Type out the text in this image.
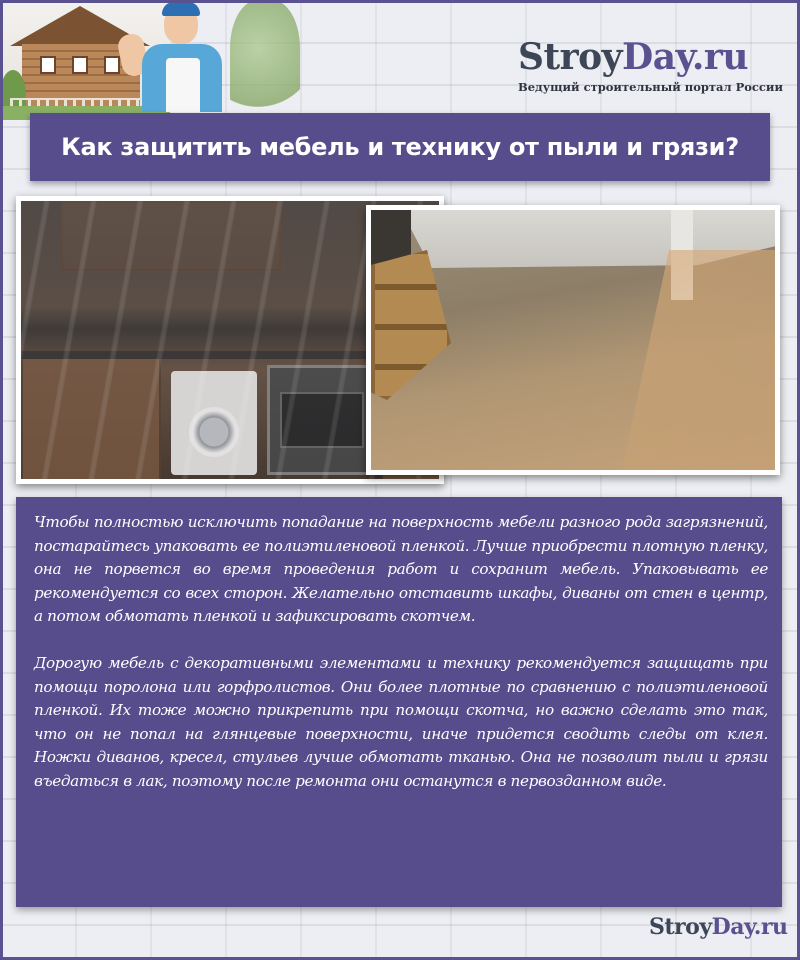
StroyDay.ru
Ведущий строительный портал России
Как защитить мебель и технику от пыли и грязи?

Чтобы полностью исключить попадание на поверхность мебели разного рода загрязнений, постарайтесь упаковать ее полиэтиленовой пленкой. Лучше приобрести плотную пленку, она не порвется во время проведения работ и сохранит мебель. Упаковывать ее рекомендуется со всех сторон. Желательно отставить шкафы, диваны от стен в центр, а потом обмотать пленкой и зафиксировать скотчем.

Дорогую мебель с декоративными элементами и технику рекомендуется защищать при помощи поролона или горфролистов. Они более плотные по сравнению с полиэтиленовой пленкой. Их тоже можно прикрепить при помощи скотча, но важно сделать это так, что он не попал на глянцевые поверхности, иначе придется сводить следы от клея. Ножки диванов, кресел, стульев лучше обмотать тканью. Она не позволит пыли и грязи въедаться в лак, поэтому после ремонта они останутся в первозданном виде.

StroyDay.ru
